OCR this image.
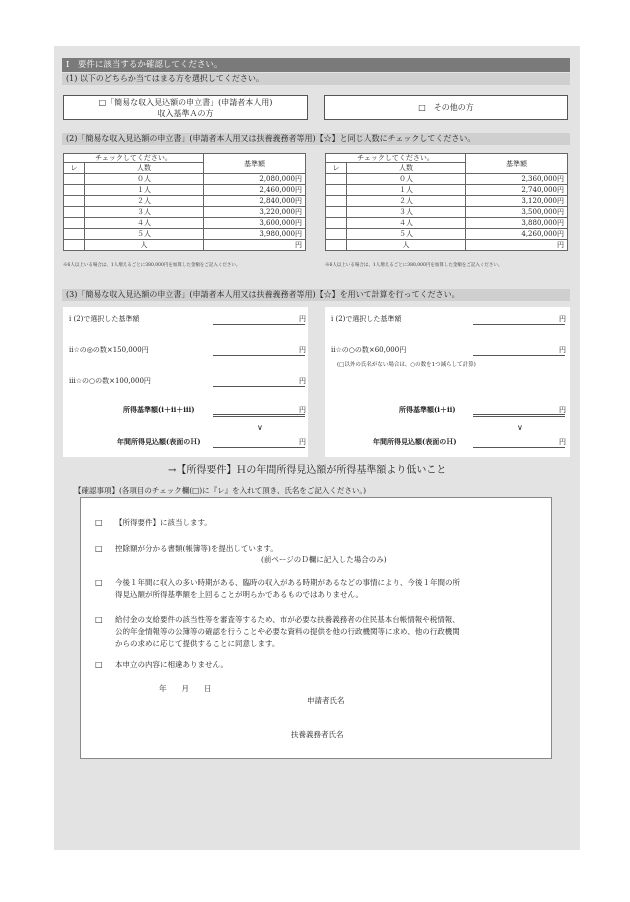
Ⅰ　要件に該当するか確認してください。
(1) 以下のどちらか当てはまる方を選択してください。
□「簡易な収入見込額の申立書」(申請者本人用)
収入基準Ａの方
□　その他の方
(2)「簡易な収入見込額の申立書」(申請者本人用又は扶養義務者等用)【☆】と同じ人数にチェックしてください。
チェックしてください。		基準額
レ	人数	
	０人	2,080,000円
	１人	2,460,000円
	２人	2,840,000円
	３人	3,220,000円
	４人	3,600,000円
	５人	3,980,000円
	人	円
※6人以上いる場合は、1人増えるごとに380,000円を加算した金額をご記入ください。
チェックしてください。		基準額
レ	人数	
	０人	2,360,000円
	１人	2,740,000円
	２人	3,120,000円
	３人	3,500,000円
	４人	3,880,000円
	５人	4,260,000円
	人	円
※6人以上いる場合は、1人増えるごとに380,000円を加算した金額をご記入ください。
(3)「簡易な収入見込額の申立書」(申請者本人用又は扶養義務者等用)【☆】を用いて計算を行ってください。
ⅰ (2)で選択した基準額	円
ⅱ☆の◎の数×150,000円	円
ⅲ☆の○の数×100,000円	円
所得基準額(ⅰ＋ⅱ＋ⅲ)	円
∨
年間所得見込額(表面のＨ)	円
ⅰ (2)で選択した基準額	円
ⅱ☆の○の数×60,000円	円
(□以外の氏名がない場合は、○の数を1つ減らして計算)
所得基準額(ⅰ＋ⅱ)	円
∨
年間所得見込額(表面のＨ)	円
→【所得要件】Ｈの年間所得見込額が所得基準額より低いこと
【確認事項】(各項目のチェック欄(□)に『レ』を入れて頂き、氏名をご記入ください。)
□ 【所得要件】に該当します。
□ 控除額が分かる書類(帳簿等)を提出しています。
(前ページのＤ欄に記入した場合のみ)
□ 今後１年間に収入の多い時期がある、臨時の収入がある時期があるなどの事情により、今後１年間の所
得見込額が所得基準額を上回ることが明らかであるものではありません。
□ 給付金の支給要件の該当性等を審査等するため、市が必要な扶養義務者の住民基本台帳情報や税情報、
公的年金情報等の公簿等の確認を行うことや必要な資料の提供を他の行政機関等に求め、他の行政機関
からの求めに応じて提供することに同意します。
□ 本申立の内容に相違ありません。
年　　月　　日
申請者氏名
扶養義務者氏名
